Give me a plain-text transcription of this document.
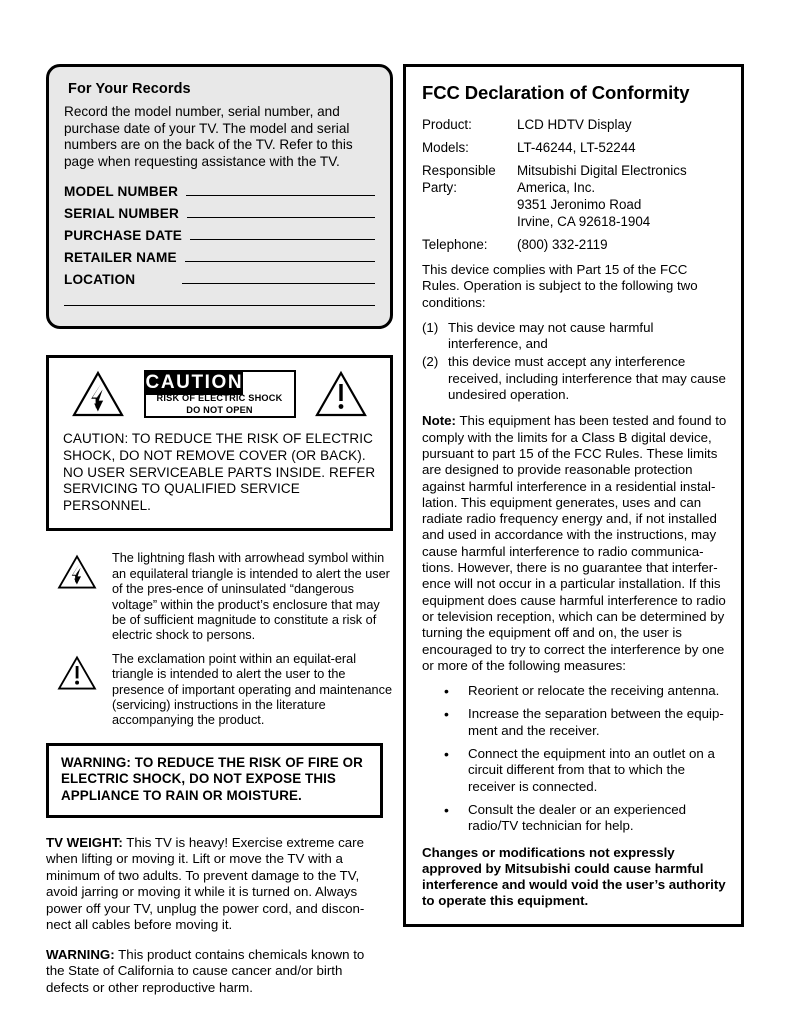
For Your Records
Record the model number, serial number, and purchase date of your TV. The model and serial numbers are on the back of the TV. Refer to this page when requesting assistance with the TV.
MODEL NUMBER
SERIAL NUMBER
PURCHASE DATE
RETAILER NAME
LOCATION
CAUTION
RISK OF ELECTRIC SHOCK
DO NOT OPEN
CAUTION: TO REDUCE THE RISK OF ELECTRIC SHOCK, DO NOT REMOVE COVER (OR BACK). NO USER SERVICEABLE PARTS INSIDE. REFER SERVICING TO QUALIFIED SERVICE PERSONNEL.
The lightning flash with arrowhead symbol within an equilateral triangle is intended to alert the user of the pres-ence of uninsulated “dangerous voltage” within the product’s enclosure that may be of sufficient magnitude to constitute a risk of electric shock to persons.
The exclamation point within an equilat-eral triangle is intended to alert the user to the presence of important operating and maintenance (servicing) instructions in the literature accompanying the product.
WARNING: TO REDUCE THE RISK OF FIRE OR ELECTRIC SHOCK, DO NOT EXPOSE THIS APPLIANCE TO RAIN OR MOISTURE.

TV WEIGHT: This TV is heavy! Exercise extreme care when lifting or moving it. Lift or move the TV with a minimum of two adults. To prevent damage to the TV, avoid jarring or moving it while it is turned on. Always power off your TV, unplug the power cord, and discon-nect all cables before moving it.

WARNING: This product contains chemicals known to the State of California to cause cancer and/or birth defects or other reproductive harm.

FCC Declaration of Conformity
Product:	LCD HDTV Display
Models:	LT-46244, LT-52244
Responsible Party:
Mitsubishi Digital Electronics
America, Inc.
9351 Jeronimo Road
Irvine, CA 92618-1904
Telephone:	(800) 332-2119
This device complies with Part 15 of the FCC Rules. Operation is subject to the following two conditions:
(1) This device may not cause harmful interference, and
(2) this device must accept any interference received, including interference that may cause undesired operation.
Note: This equipment has been tested and found to comply with the limits for a Class B digital device, pursuant to part 15 of the FCC Rules. These limits are designed to provide reasonable protection against harmful interference in a residential instal-lation. This equipment generates, uses and can radiate radio frequency energy and, if not installed and used in accordance with the instructions, may cause harmful interference to radio communica-tions. However, there is no guarantee that interfer-ence will not occur in a particular installation. If this equipment does cause harmful interference to radio or television reception, which can be determined by turning the equipment off and on, the user is encouraged to try to correct the interference by one or more of the following measures:
•	Reorient or relocate the receiving antenna.
•	Increase the separation between the equip-ment and the receiver.
•	Connect the equipment into an outlet on a circuit different from that to which the receiver is connected.
•	Consult the dealer or an experienced radio/TV technician for help.
Changes or modifications not expressly approved by Mitsubishi could cause harmful interference and would void the user’s authority to operate this equipment.
